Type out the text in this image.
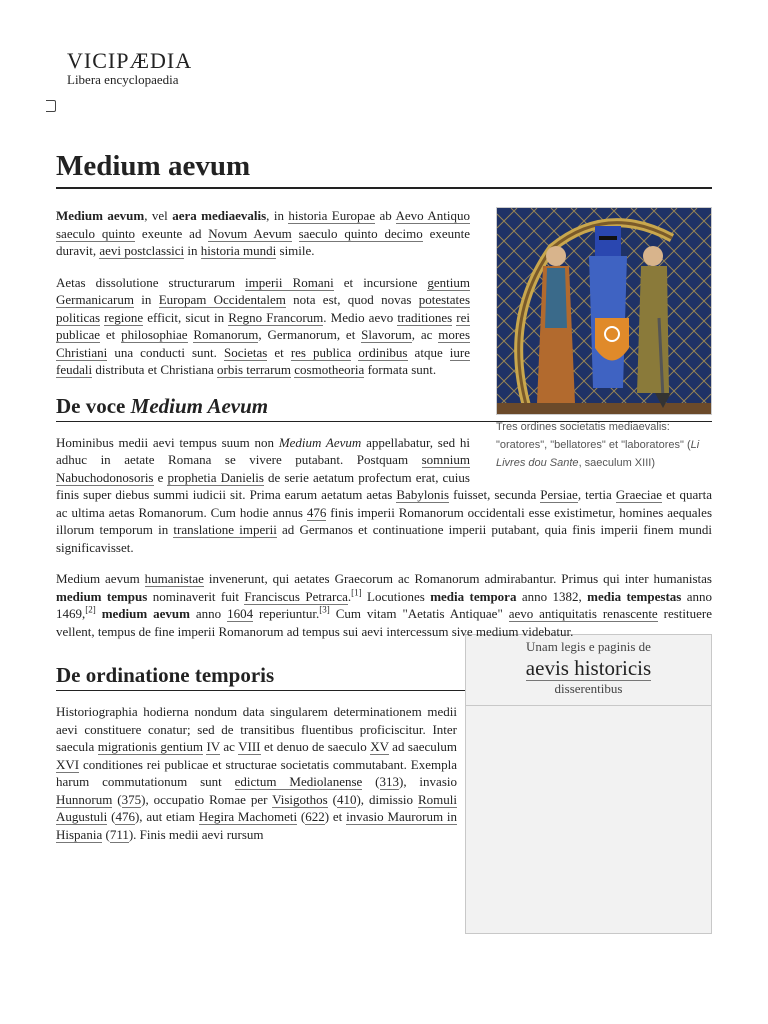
VICIPÆDIA
Libera encyclopaedia
Medium aevum
Tres ordines societatis mediaevalis: "oratores", "bellatores" et "laboratores" (Li Livres dou Sante, saeculum XIII)

Medium aevum, vel aera mediaevalis, in historia Europae ab Aevo Antiquo saeculo quinto exeunte ad Novum Aevum saeculo quinto decimo exeunte duravit, aevi postclassici in historia mundi simile.

Aetas dissolutione structurarum imperii Romani et incursione gentium Germanicarum in Europam Occidentalem nota est, quod novas potestates politicas regione efficit, sicut in Regno Francorum. Medio aevo traditiones rei publicae et philosophiae Romanorum, Germanorum, et Slavorum, ac mores Christiani una conducti sunt. Societas et res publica ordinibus atque iure feudali distributa et Christiana orbis terrarum cosmotheoria formata sunt.

De voce Medium Aevum

Hominibus medii aevi tempus suum non Medium Aevum appellabatur, sed hi adhuc in aetate Romana se vivere putabant. Postquam somnium Nabuchodonosoris e prophetia Danielis de serie aetatum profectum erat, cuius finis super diebus summi iudicii sit. Prima earum aetatum aetas Babylonis fuisset, secunda Persiae, tertia Graeciae et quarta ac ultima aetas Romanorum. Cum hodie annus 476 finis imperii Romanorum occidentali esse existimetur, homines aequales illorum temporum in translatione imperii ad Germanos et continuatione imperii putabant, quia finis imperii finem mundi significavisset.

Medium aevum humanistae invenerunt, qui aetates Graecorum ac Romanorum admirabantur. Primus qui inter humanistas medium tempus nominaverit fuit Franciscus Petrarca.[1] Locutiones media tempora anno 1382, media tempestas anno 1469,[2] medium aevum anno 1604 reperiuntur.[3] Cum vitam "Aetatis Antiquae" aevo antiquitatis renascente restituere vellent, tempus de fine imperii Romanorum ad tempus sui aevi intercessum sive medium videbatur.

Unam legis e paginis de
aevis historicis
disserentibus
De ordinatione temporis

Historiographia hodierna nondum data singularem determinationem medii aevi constituere conatur; sed de transitibus fluentibus proficiscitur. Inter saecula migrationis gentium IV ac VIII et denuo de saeculo XV ad saeculum XVI conditiones rei publicae et structurae societatis commutabant. Exempla harum commutationum sunt edictum Mediolanense (313), invasio Hunnorum (375), occupatio Romae per Visigothos (410), dimissio Romuli Augustuli (476), aut etiam Hegira Machometi (622) et invasio Maurorum in Hispania (711). Finis medii aevi rursum
